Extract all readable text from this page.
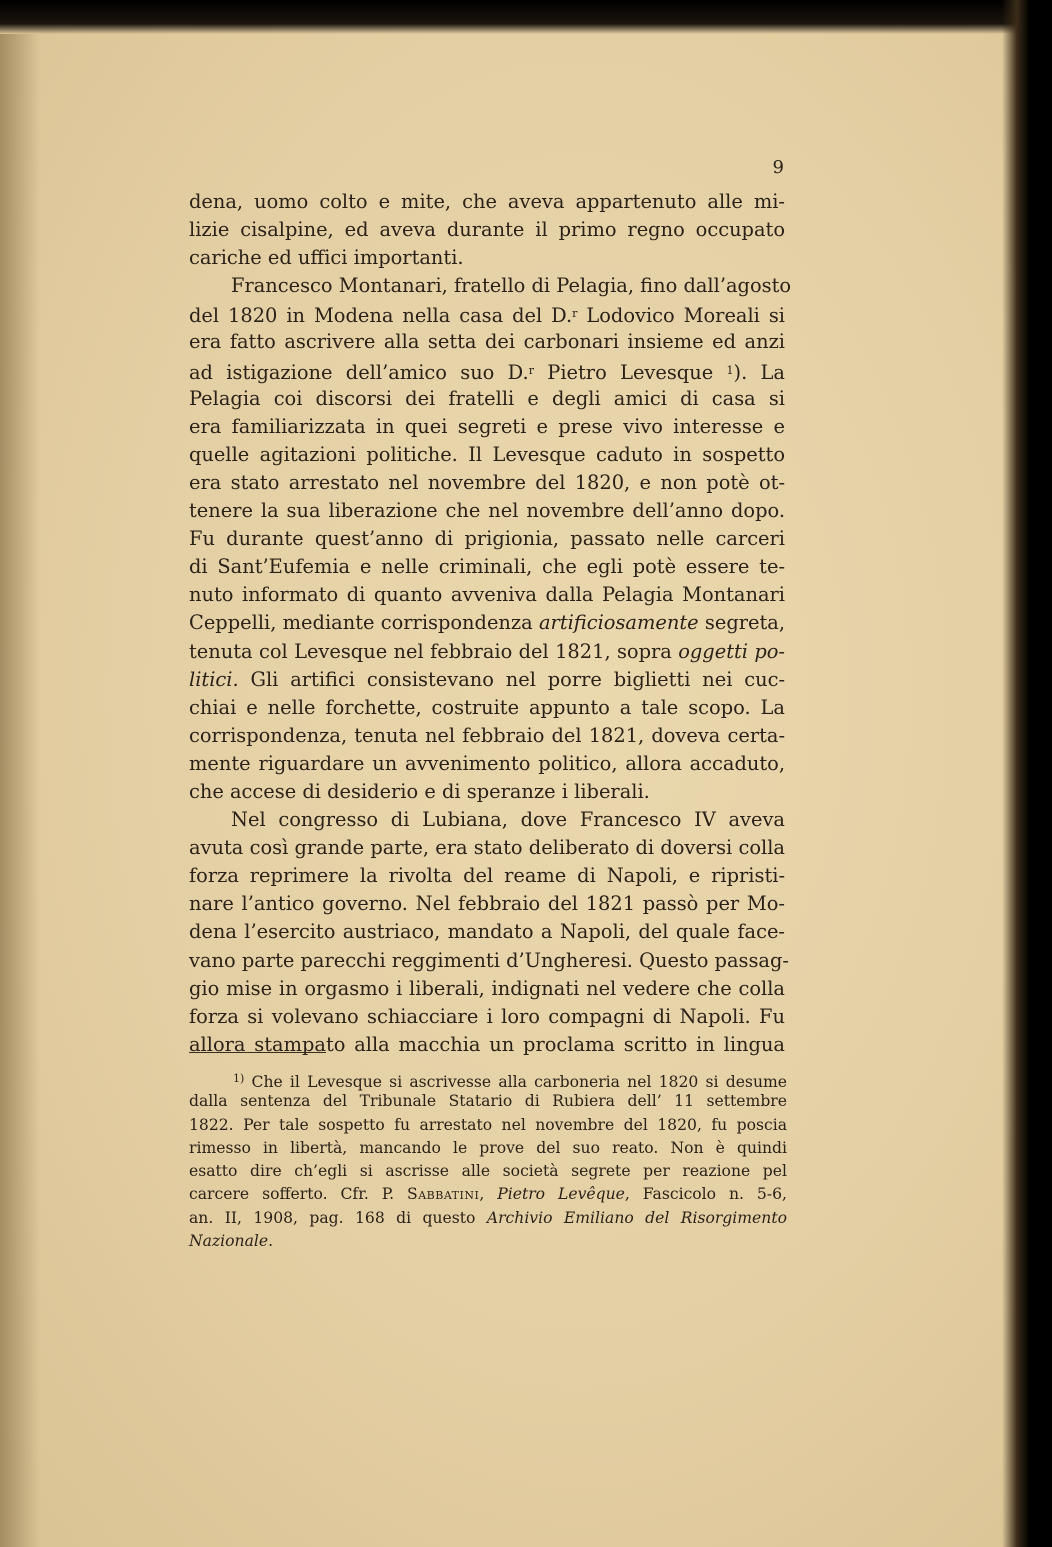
9
dena, uomo colto e mite, che aveva appartenuto alle mi-
lizie cisalpine, ed aveva durante il primo regno occupato
cariche ed uffici importanti.
Francesco Montanari, fratello di Pelagia, fino dall’agosto
del 1820 in Modena nella casa del D.$^r$ Lodovico Moreali si
era fatto ascrivere alla setta dei carbonari insieme ed anzi
ad istigazione dell’amico suo D.$^r$ Pietro Levesque $^1$). La
Pelagia coi discorsi dei fratelli e degli amici di casa si
era familiarizzata in quei segreti e prese vivo interesse e
quelle agitazioni politiche. Il Levesque caduto in sospetto
era stato arrestato nel novembre del 1820, e non potè ot-
tenere la sua liberazione che nel novembre dell’anno dopo.
Fu durante quest’anno di prigionia, passato nelle carceri
di Sant’Eufemia e nelle criminali, che egli potè essere te-
nuto informato di quanto avveniva dalla Pelagia Montanari
Ceppelli, mediante corrispondenza artificiosamente segreta,
tenuta col Levesque nel febbraio del 1821, sopra oggetti po-
litici. Gli artifici consistevano nel porre biglietti nei cuc-
chiai e nelle forchette, costruite appunto a tale scopo. La
corrispondenza, tenuta nel febbraio del 1821, doveva certa-
mente riguardare un avvenimento politico, allora accaduto,
che accese di desiderio e di speranze i liberali.
Nel congresso di Lubiana, dove Francesco IV aveva
avuta così grande parte, era stato deliberato di doversi colla
forza reprimere la rivolta del reame di Napoli, e ripristi-
nare l’antico governo. Nel febbraio del 1821 passò per Mo-
dena l’esercito austriaco, mandato a Napoli, del quale face-
vano parte parecchi reggimenti d’Ungheresi. Questo passag-
gio mise in orgasmo i liberali, indignati nel vedere che colla
forza si volevano schiacciare i loro compagni di Napoli. Fu
allora stampato alla macchia un proclama scritto in lingua
$^{1)}$ Che il Levesque si ascrivesse alla carboneria nel 1820 si desume
dalla sentenza del Tribunale Statario di Rubiera dell’ 11 settembre
1822. Per tale sospetto fu arrestato nel novembre del 1820, fu poscia
rimesso in libertà, mancando le prove del suo reato. Non è quindi
esatto dire ch’egli si ascrisse alle società segrete per reazione pel
carcere sofferto. Cfr. P. Sabbatini, Pietro Levêque, Fascicolo n. 5-6,
an. II, 1908, pag. 168 di questo Archivio Emiliano del Risorgimento
Nazionale.
